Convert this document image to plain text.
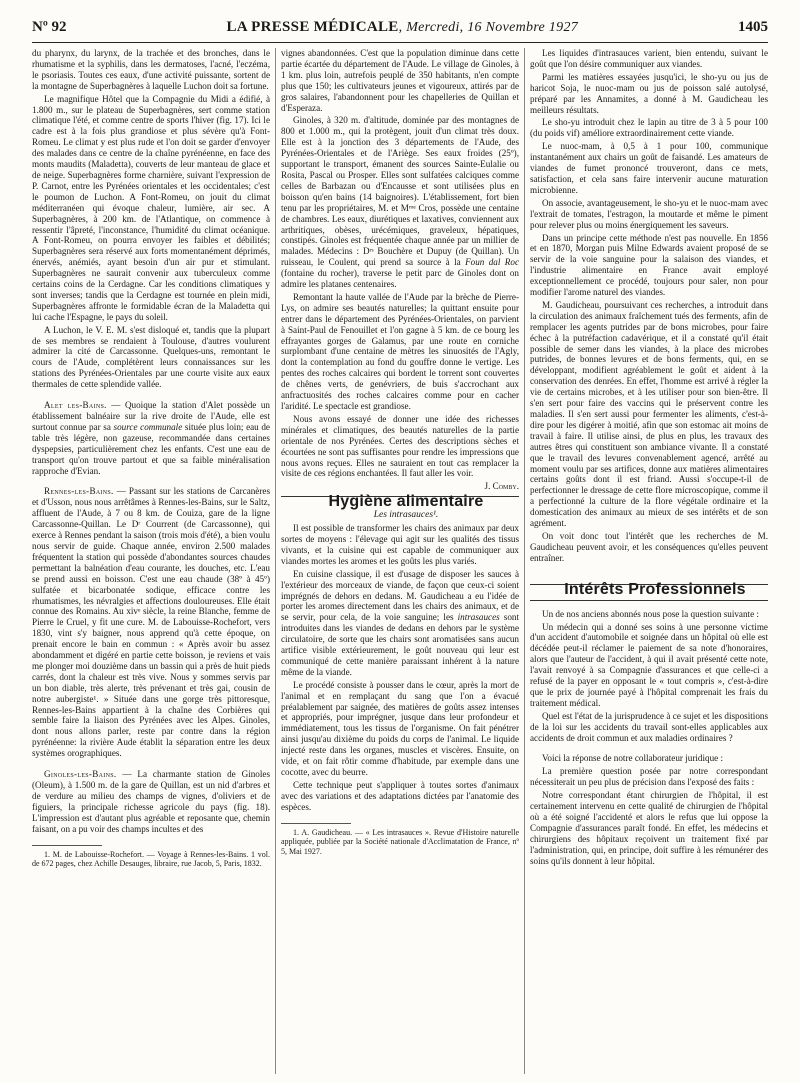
Nº 92	LA PRESSE MÉDICALE, Mercredi, 16 Novembre 1927	1405

du pharynx, du larynx, de la trachée et des bronches, dans le rhumatisme et la syphilis, dans les dermatoses, l'acné, l'eczéma, le psoriasis. Toutes ces eaux, d'une activité puissante, sortent de la montagne de Superbagnères à laquelle Luchon doit sa fortune.

Le magnifique Hôtel que la Compagnie du Midi a édifié, à 1.800 m., sur le plateau de Superbagnères, sert comme station climatique l'été, et comme centre de sports l'hiver (fig. 17). Ici le cadre est à la fois plus grandiose et plus sévère qu'à Font-Romeu. Le climat y est plus rude et l'on doit se garder d'envoyer des malades dans ce centre de la chaîne pyrénéenne, en face des monts maudits (Maladetta), couverts de leur manteau de glace et de neige. Superbagnères forme charnière, suivant l'expression de P. Carnot, entre les Pyrénées orientales et les occidentales; c'est le poumon de Luchon. A Font-Romeu, on jouit du climat méditerranéen qui évoque chaleur, lumière, air sec. A Superbagnères, à 200 km. de l'Atlantique, on commence à ressentir l'âpreté, l'inconstance, l'humidité du climat océanique. A Font-Romeu, on pourra envoyer les faibles et débilités; Superbagnères sera réservé aux forts momentanément déprimés, énervés, anémiés, ayant besoin d'un air pur et stimulant. Superbagnères ne saurait convenir aux tuberculeux comme certains coins de la Cerdagne. Car les conditions climatiques y sont inverses; tandis que la Cerdagne est tournée en plein midi, Superbagnères affronte le formidable écran de la Maladetta qui lui cache l'Espagne, le pays du soleil.

A Luchon, le V. E. M. s'est disloqué et, tandis que la plupart de ses membres se rendaient à Toulouse, d'autres voulurent admirer la cité de Carcassonne. Quelques-uns, remontant le cours de l'Aude, complétèrent leurs connaissances sur les stations des Pyrénées-Orientales par une courte visite aux eaux thermales de cette splendide vallée.

Alet les-Bains. — Quoique la station d'Alet possède un établissement balnéaire sur la rive droite de l'Aude, elle est surtout connue par sa source communale située plus loin; eau de table très légère, non gazeuse, recommandée dans certaines dyspepsies, particulièrement chez les enfants. C'est une eau de transport qu'on trouve partout et que sa faible minéralisation rapproche d'Evian.

Rennes-les-Bains. — Passant sur les stations de Carcanères et d'Usson, nous nous arrêtâmes à Rennes-les-Bains, sur le Saltz, affluent de l'Aude, à 7 ou 8 km. de Couiza, gare de la ligne Carcassonne-Quillan. Le Dʳ Courrent (de Carcassonne), qui exerce à Rennes pendant la saison (trois mois d'été), a bien voulu nous servir de guide. Chaque année, environ 2.500 malades fréquentent la station qui possède d'abondantes sources chaudes permettant la balnéation d'eau courante, les douches, etc. L'eau se prend aussi en boisson. C'est une eau chaude (38º à 45º) sulfatée et bicarbonatée sodique, efficace contre les rhumatismes, les névralgies et affections douloureuses. Elle était connue des Romains. Au xivᵉ siècle, la reine Blanche, femme de Pierre le Cruel, y fit une cure. M. de Labouisse-Rochefort, vers 1830, vint s'y baigner, nous apprend qu'à cette époque, on prenait encore le bain en commun : « Après avoir bu assez abondamment et digéré en partie cette boisson, je reviens et vais me plonger moi douzième dans un bassin qui a près de huit pieds carrés, dont la chaleur est très vive. Nous y sommes servis par un bon diable, très alerte, très prévenant et très gai, cousin de notre aubergiste¹. » Située dans une gorge très pittoresque, Rennes-les-Bains appartient à la chaîne des Corbières qui semble faire la liaison des Pyrénées avec les Alpes. Ginoles, dont nous allons parler, reste par contre dans la région pyrénéenne: la rivière Aude établit la séparation entre les deux systèmes orographiques.

Ginoles-les-Bains. — La charmante station de Ginoles (Oleum), à 1.500 m. de la gare de Quillan, est un nid d'arbres et de verdure au milieu des champs de vignes, d'oliviers et de figuiers, la principale richesse agricole du pays (fig. 18). L'impression est d'autant plus agréable et reposante que, chemin faisant, on a pu voir des champs incultes et des

1. M. de Labouisse-Rochefort. — Voyage à Rennes-les-Bains. 1 vol. de 672 pages, chez Achille Desauges, libraire, rue Jacob, 5, Paris, 1832.

vignes abandonnées. C'est que la population diminue dans cette partie écartée du département de l'Aude. Le village de Ginoles, à 1 km. plus loin, autrefois peuplé de 350 habitants, n'en compte plus que 150; les cultivateurs jeunes et vigoureux, attirés par de gros salaires, l'abandonnent pour les chapelleries de Quillan et d'Esperaza.

Ginoles, à 320 m. d'altitude, dominée par des montagnes de 800 et 1.000 m., qui la protègent, jouit d'un climat très doux. Elle est à la jonction des 3 départements de l'Aude, des Pyrénées-Orientales et de l'Ariège. Ses eaux froides (25º), supportant le transport, émanent des sources Sainte-Eulalie ou Rosita, Pascal ou Prosper. Elles sont sulfatées calciques comme celles de Barbazan ou d'Encausse et sont utilisées plus en boisson qu'en bains (14 baignoires). L'établissement, fort bien tenu par les propriétaires, M. et Mᵐᵉ Cros, possède une centaine de chambres. Les eaux, diurétiques et laxatives, conviennent aux arthritiques, obèses, urécémiques, graveleux, hépatiques, constipés. Ginoles est fréquentée chaque année par un millier de malades. Médecins : Dʳˢ Bouchère et Dupuy (de Quillan). Un ruisseau, le Coulent, qui prend sa source à la Foun dal Roc (fontaine du rocher), traverse le petit parc de Ginoles dont on admire les platanes centenaires.

Remontant la haute vallée de l'Aude par la brèche de Pierre-Lys, on admire ses beautés naturelles; la quittant ensuite pour entrer dans le département des Pyrénées-Orientales, on parvient à Saint-Paul de Fenouillet et l'on gagne à 5 km. de ce bourg les effrayantes gorges de Galamus, par une route en corniche surplombant d'une centaine de mètres les sinuosités de l'Agly, dont la contemplation au fond du gouffre donne le vertige. Les pentes des roches calcaires qui bordent le torrent sont couvertes de chênes verts, de genévriers, de buis s'accrochant aux anfractuosités des roches calcaires comme pour en cacher l'aridité. Le spectacle est grandiose.

Nous avons essayé de donner une idée des richesses minérales et climatiques, des beautés naturelles de la partie orientale de nos Pyrénées. Certes des descriptions sèches et écourtées ne sont pas suffisantes pour rendre les impressions que nous avons reçues. Elles ne sauraient en tout cas remplacer la visite de ces régions enchantées. Il faut aller les voir.

J. Comby.

Hygiène alimentaire

Les intrasauces¹.

Il est possible de transformer les chairs des animaux par deux sortes de moyens : l'élevage qui agit sur les qualités des tissus vivants, et la cuisine qui est capable de communiquer aux viandes mortes les aromes et les goûts les plus variés.

En cuisine classique, il est d'usage de disposer les sauces à l'extérieur des morceaux de viande, de façon que ceux-ci soient imprégnés de dehors en dedans. M. Gaudicheau a eu l'idée de porter les aromes directement dans les chairs des animaux, et de se servir, pour cela, de la voie sanguine; les intrasauces sont introduites dans les viandes de dedans en dehors par le système circulatoire, de sorte que les chairs sont aromatisées sans aucun artifice visible extérieurement, le goût nouveau qui leur est communiqué de cette manière paraissant inhérent à la nature même de la viande.

Le procédé consiste à pousser dans le cœur, après la mort de l'animal et en remplaçant du sang que l'on a évacué préalablement par saignée, des matières de goûts assez intenses et appropriés, pour imprégner, jusque dans leur profondeur et immédiatement, tous les tissus de l'organisme. On fait pénétrer ainsi jusqu'au dixième du poids du corps de l'animal. Le liquide injecté reste dans les organes, muscles et viscères. Ensuite, on vide, et on fait rôtir comme d'habitude, par exemple dans une cocotte, avec du beurre.

Cette technique peut s'appliquer à toutes sortes d'animaux avec des variations et des adaptations dictées par l'anatomie des espèces.

1. A. Gaudicheau. — « Les intrasauces ». Revue d'Histoire naturelle appliquée, publiée par la Société nationale d'Acclimatation de France, nº 5, Mai 1927.

Les liquides d'intrasauces varient, bien entendu, suivant le goût que l'on désire communiquer aux viandes.

Parmi les matières essayées jusqu'ici, le sho-yu ou jus de haricot Soja, le nuoc-mam ou jus de poisson salé autolysé, préparé par les Annamites, a donné à M. Gaudicheau les meilleurs résultats.

Le sho-yu introduit chez le lapin au titre de 3 à 5 pour 100 (du poids vif) améliore extraordinairement cette viande.

Le nuoc-mam, à 0,5 à 1 pour 100, communique instantanément aux chairs un goût de faisandé. Les amateurs de viandes de fumet prononcé trouveront, dans ce mets, satisfaction, et cela sans faire intervenir aucune maturation microbienne.

On associe, avantageusement, le sho-yu et le nuoc-mam avec l'extrait de tomates, l'estragon, la moutarde et même le piment pour relever plus ou moins énergiquement les saveurs.

Dans un principe cette méthode n'est pas nouvelle. En 1856 et en 1870, Morgan puis Milne Edwards avaient proposé de se servir de la voie sanguine pour la salaison des viandes, et l'industrie alimentaire en France avait employé exceptionnellement ce procédé, toujours pour saler, non pour modifier l'arome naturel des viandes.

M. Gaudicheau, poursuivant ces recherches, a introduit dans la circulation des animaux fraîchement tués des ferments, afin de remplacer les agents putrides par de bons microbes, pour faire échec à la putréfaction cadavérique, et il a constaté qu'il était possible de semer dans les viandes, à la place des microbes putrides, de bonnes levures et de bons ferments, qui, en se développant, modifient agréablement le goût et aident à la conservation des denrées. En effet, l'homme est arrivé à régler la vie de certains microbes, et à les utiliser pour son bien-être. Il s'en sert pour faire des vaccins qui le préservent contre les maladies. Il s'en sert aussi pour fermenter les aliments, c'est-à-dire pour les digérer à moitié, afin que son estomac ait moins de travail à faire. Il utilise ainsi, de plus en plus, les travaux des autres êtres qui constituent son ambiance vivante. Il a constaté que le travail des levures convenablement agencé, arrêté au moment voulu par ses artifices, donne aux matières alimentaires certains goûts dont il est friand. Aussi s'occupe-t-il de perfectionner le dressage de cette flore microscopique, comme il a perfectionné la culture de la flore végétale ordinaire et la domestication des animaux au mieux de ses intérêts et de son agrément.

On voit donc tout l'intérêt que les recherches de M. Gaudicheau peuvent avoir, et les conséquences qu'elles peuvent entraîner.

Intérêts Professionnels

Un de nos anciens abonnés nous pose la question suivante :

Un médecin qui a donné ses soins à une personne victime d'un accident d'automobile et soignée dans un hôpital où elle est décédée peut-il réclamer le paiement de sa note d'honoraires, alors que l'auteur de l'accident, à qui il avait présenté cette note, l'avait renvoyé à sa Compagnie d'assurances et que celle-ci a refusé de la payer en opposant le « tout compris », c'est-à-dire que le prix de journée payé à l'hôpital comprenait les frais du traitement médical.

Quel est l'état de la jurisprudence à ce sujet et les dispositions de la loi sur les accidents du travail sont-elles applicables aux accidents de droit commun et aux maladies ordinaires ?

Voici la réponse de notre collaborateur juridique :

La première question posée par notre correspondant nécessiterait un peu plus de précision dans l'exposé des faits :

Notre correspondant étant chirurgien de l'hôpital, il est certainement intervenu en cette qualité de chirurgien de l'hôpital où a été soigné l'accidenté et alors le refus que lui oppose la Compagnie d'assurances paraît fondé. En effet, les médecins et chirurgiens des hôpitaux reçoivent un traitement fixé par l'administration, qui, en principe, doit suffire à les rémunérer des soins qu'ils donnent à leur hôpital.
